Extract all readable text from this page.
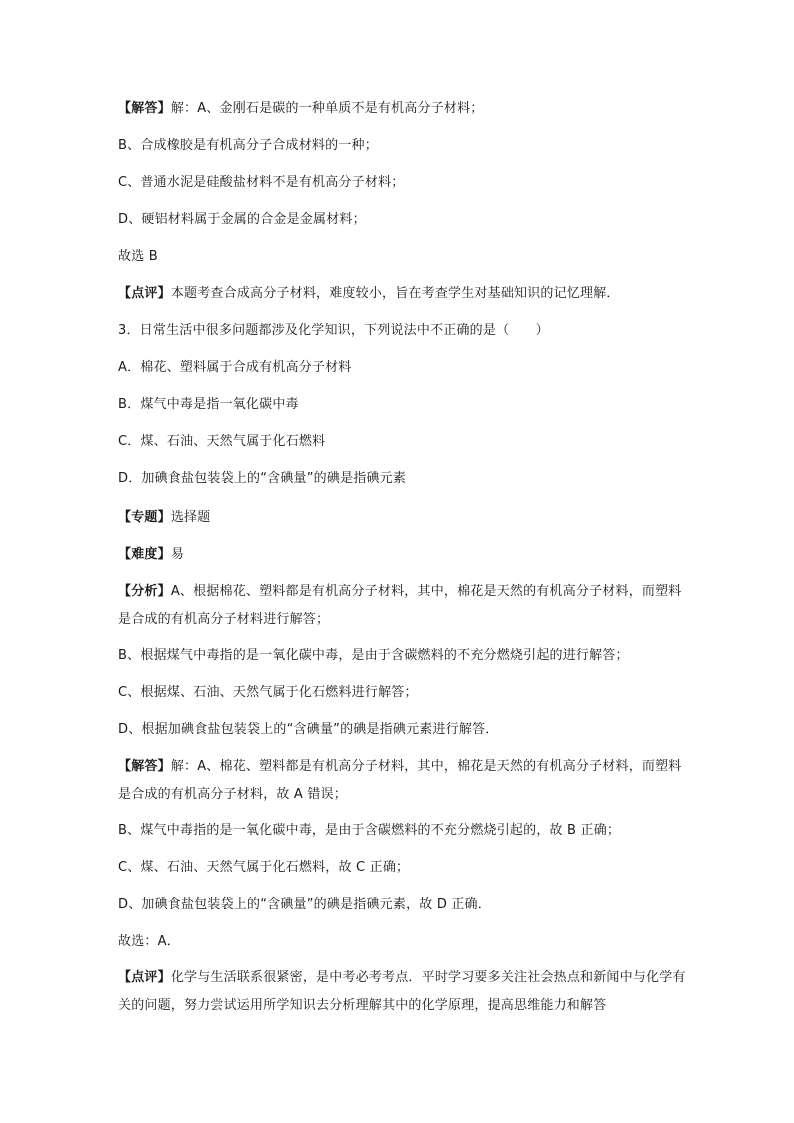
【解答】解：A、金刚石是碳的一种单质不是有机高分子材料；
B、合成橡胶是有机高分子合成材料的一种；
C、普通水泥是硅酸盐材料不是有机高分子材料；
D、硬铝材料属于金属的合金是金属材料；
故选 B
【点评】本题考查合成高分子材料，难度较小，旨在考查学生对基础知识的记忆理解．
3．日常生活中很多问题都涉及化学知识，下列说法中不正确的是（　　）
A．棉花、塑料属于合成有机高分子材料
B．煤气中毒是指一氧化碳中毒
C．煤、石油、天然气属于化石燃料
D．加碘食盐包装袋上的“含碘量”的碘是指碘元素
【专题】选择题
【难度】易
【分析】A、根据棉花、塑料都是有机高分子材料，其中，棉花是天然的有机高分子材料，而塑料是合成的有机高分子材料进行解答；
B、根据煤气中毒指的是一氧化碳中毒，是由于含碳燃料的不充分燃烧引起的进行解答；
C、根据煤、石油、天然气属于化石燃料进行解答；
D、根据加碘食盐包装袋上的“含碘量”的碘是指碘元素进行解答．
【解答】解：A、棉花、塑料都是有机高分子材料，其中，棉花是天然的有机高分子材料，而塑料是合成的有机高分子材料，故 A 错误；
B、煤气中毒指的是一氧化碳中毒，是由于含碳燃料的不充分燃烧引起的，故 B 正确；
C、煤、石油、天然气属于化石燃料，故 C 正确；
D、加碘食盐包装袋上的“含碘量”的碘是指碘元素，故 D 正确．
故选：A．
【点评】化学与生活联系很紧密，是中考必考考点．平时学习要多关注社会热点和新闻中与化学有关的问题，努力尝试运用所学知识去分析理解其中的化学原理，提高思维能力和解答
